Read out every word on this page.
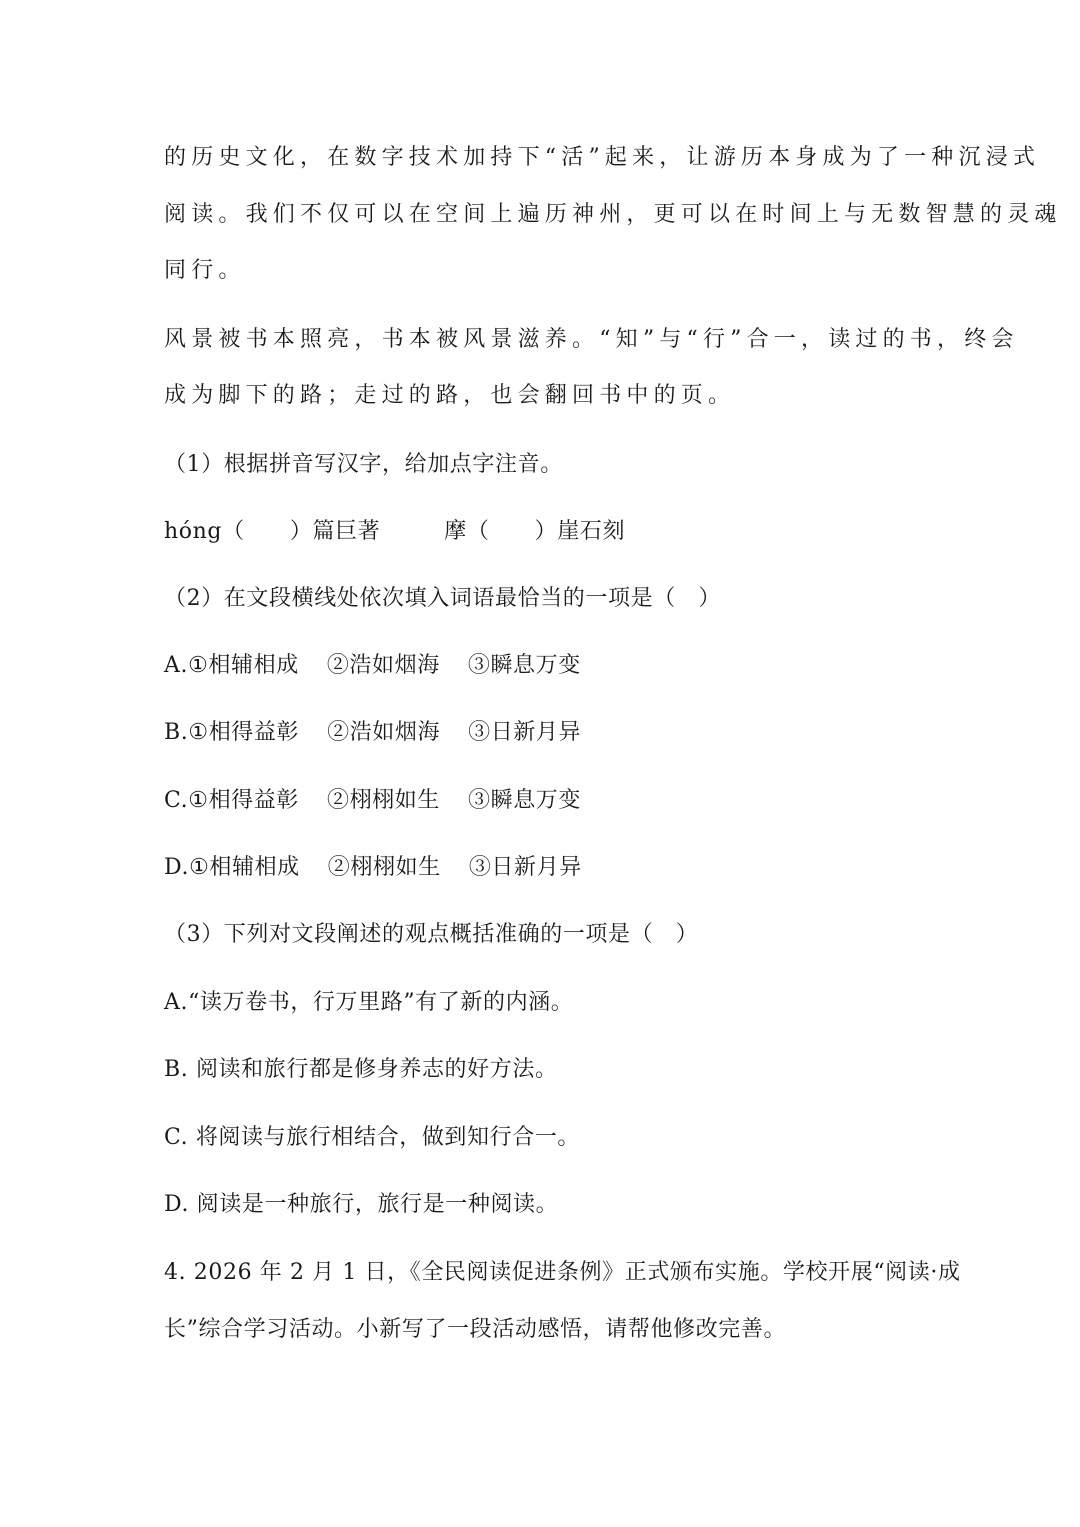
的历史文化，在数字技术加持下“活”起来，让游历本身成为了一种沉浸式
阅读。我们不仅可以在空间上遍历神州，更可以在时间上与无数智慧的灵魂
同行。
风景被书本照亮，书本被风景滋养。“知”与“行”合一，读过的书，终会
成为脚下的路；走过的路，也会翻回书中的页。
（1）根据拼音写汉字，给加点字注音。
hóng（　　）篇巨著	摩（　　）崖石刻
（2）在文段横线处依次填入词语最恰当的一项是（　）
A.①相辅相成 ②浩如烟海 ③瞬息万变
B.①相得益彰 ②浩如烟海 ③日新月异
C.①相得益彰 ②栩栩如生 ③瞬息万变
D.①相辅相成 ②栩栩如生 ③日新月异
（3）下列对文段阐述的观点概括准确的一项是（　）
A.“读万卷书，行万里路”有了新的内涵。
B. 阅读和旅行都是修身养志的好方法。
C. 将阅读与旅行相结合，做到知行合一。
D. 阅读是一种旅行，旅行是一种阅读。
4. 2026 年 2 月 1 日，《全民阅读促进条例》正式颁布实施。学校开展“阅读·成
长”综合学习活动。小新写了一段活动感悟，请帮他修改完善。
